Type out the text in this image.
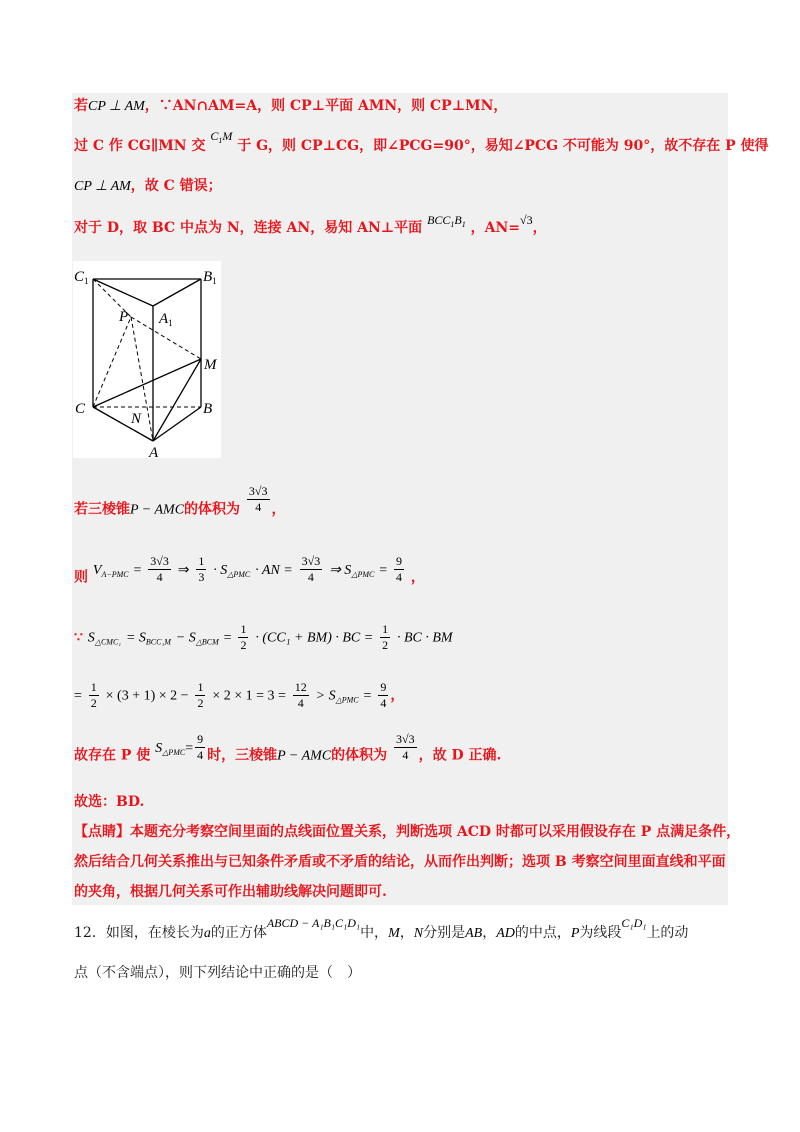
若CP ⊥ AM，∵AN∩AM=A，则 CP⊥平面 AMN，则 CP⊥MN，
过 C 作 CG∥MN 交 $C_1M$ 于 G，则 CP⊥CG，即∠PCG=90°，易知∠PCG 不可能为 90°，故不存在 P 使得
CP ⊥ AM，故 C 错误；
对于 D，取 BC 中点为 N，连接 AN，易知 AN⊥平面 $BCC_1B_1$ ，AN=√3，
$C_1$	$B_1$
P $A_1$
M
C	B
N
A
若三棱锥P − AMC的体积为 $\frac{3√3}{4}$ ，
则 $V_{A-PMC} = \frac{3√3}{4}$ ⇒ $\frac{1}{3} \cdot S_{\triangle PMC}$ · AN = $\frac{3√3}{4}$ ⇒ $S_{\triangle PMC} = \frac{9}{4}$ ，
∵ $S_{\triangle CMC_1} = S_{BCC_1M} - S_{\triangle BCM} = \frac{1}{2} \cdot (CC_1 + BM)$ · BC = $\frac{1}{2}$ · BC · BM
= $\frac{1}{2} \times (3 + 1) \times 2 - \frac{1}{2} \times 2 \times 1 = 3 = \frac{12}{4} > S_{\triangle PMC} = \frac{9}{4}$ ，
故存在 P 使 $S_{\triangle PMC}= \frac{9}{4}$ 时，三棱锥P − AMC的体积为 $\frac{3√3}{4}$ ，故 D 正确.
故选：BD.
【点睛】本题充分考察空间里面的点线面位置关系，判断选项 ACD 时都可以采用假设存在 P 点满足条件，
然后结合几何关系推出与已知条件矛盾或不矛盾的结论，从而作出判断；选项 B 考察空间里面直线和平面
的夹角，根据几何关系可作出辅助线解决问题即可.
12．如图，在棱长为a的正方体ABCD − A₁B₁C₁D₁中，M，N分别是AB，AD的中点，P为线段C₁D₁上的动
点（不含端点），则下列结论中正确的是（　）
